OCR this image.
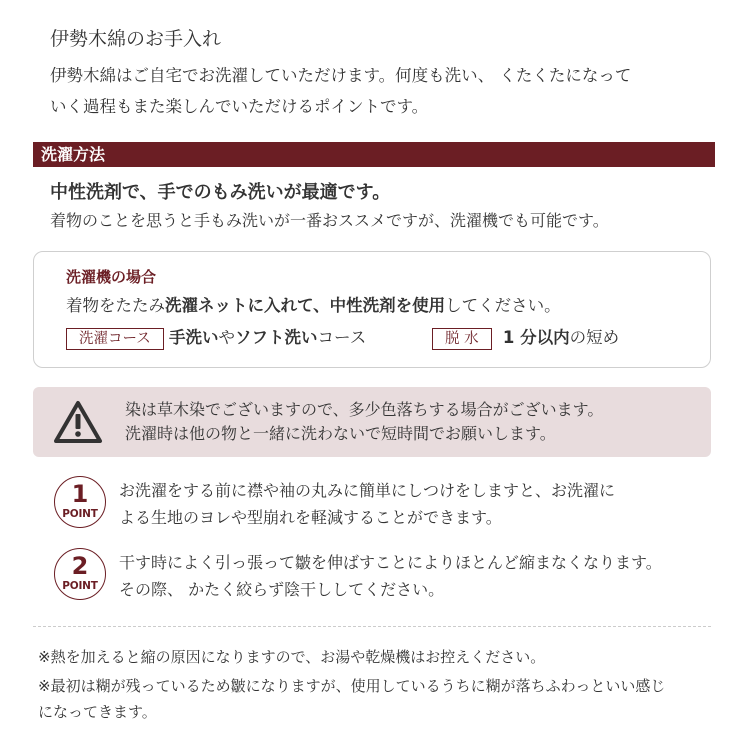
伊勢木綿のお手入れ
伊勢木綿はご自宅でお洗濯していただけます。何度も洗い、 くたくたになって
いく過程もまた楽しんでいただけるポイントです。
洗濯方法
中性洗剤で、手でのもみ洗いが最適です。
着物のことを思うと手もみ洗いが一番おススメですが、洗濯機でも可能です。
洗濯機の場合
着物をたたみ洗濯ネットに入れて、中性洗剤を使用してください。
洗濯コース 手洗いやソフト洗いコース	脱 水 1 分以内の短め
染は草木染でございますので、多少色落ちする場合がございます。
洗濯時は他の物と一緒に洗わないで短時間でお願いします。
1
POINT
お洗濯をする前に襟や袖の丸みに簡単にしつけをしますと、お洗濯に
よる生地のヨレや型崩れを軽減することができます。
2
POINT
干す時によく引っ張って皺を伸ばすことによりほとんど縮まなくなります。
その際、 かたく絞らず陰干ししてください。
※熱を加えると縮の原因になりますので、お湯や乾燥機はお控えください。
※最初は糊が残っているため皺になりますが、使用しているうちに糊が落ちふわっといい感じ
になってきます。
